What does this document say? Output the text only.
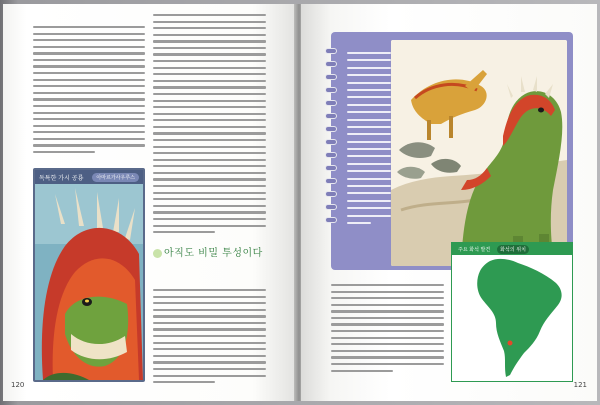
독특한 가시 공룡	아마르가사우루스
아직도 비밀 투성이다
120
주요 화석 발견	화석의 위치
121
